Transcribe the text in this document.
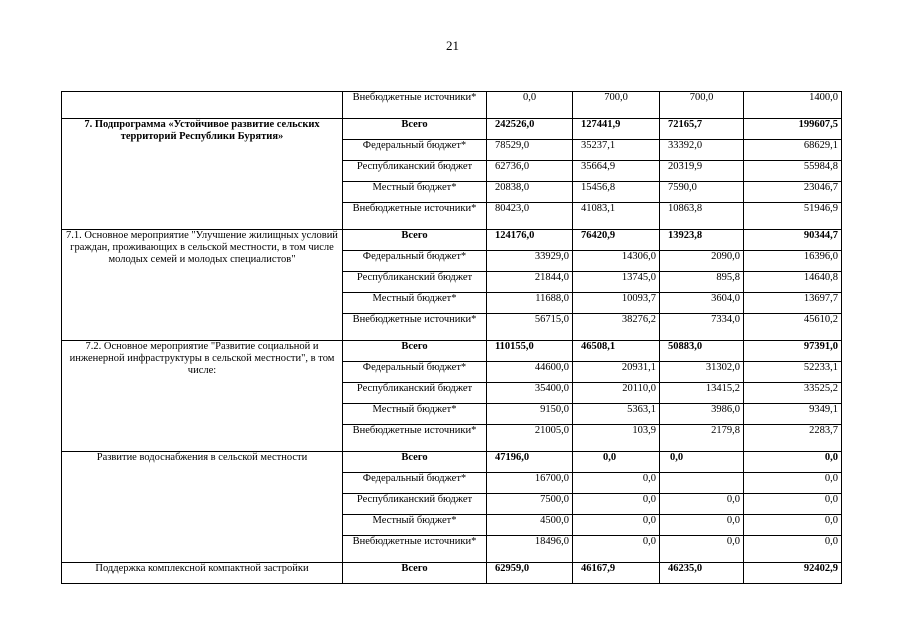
21
	Внебюджетные источники*	0,0	700,0	700,0	1400,0
7. Подпрограмма «Устойчивое развитие сельских территорий Республики Бурятия»	Всего	242526,0	127441,9	72165,7	199607,5
	Федеральный бюджет*	78529,0	35237,1	33392,0	68629,1
	Республиканский бюджет	62736,0	35664,9	20319,9	55984,8
	Местный бюджет*	20838,0	15456,8	7590,0	23046,7
	Внебюджетные источники*	80423,0	41083,1	10863,8	51946,9
7.1. Основное мероприятие "Улучшение жилищных условий граждан, проживающих в сельской местности, в том числе молодых семей и молодых специалистов"	Всего	124176,0	76420,9	13923,8	90344,7
	Федеральный бюджет*	33929,0	14306,0	2090,0	16396,0
	Республиканский бюджет	21844,0	13745,0	895,8	14640,8
	Местный бюджет*	11688,0	10093,7	3604,0	13697,7
	Внебюджетные источники*	56715,0	38276,2	7334,0	45610,2
7.2. Основное мероприятие "Развитие социальной и инженерной инфраструктуры в сельской местности", в том числе:	Всего	110155,0	46508,1	50883,0	97391,0
	Федеральный бюджет*	44600,0	20931,1	31302,0	52233,1
	Республиканский бюджет	35400,0	20110,0	13415,2	33525,2
	Местный бюджет*	9150,0	5363,1	3986,0	9349,1
	Внебюджетные источники*	21005,0	103,9	2179,8	2283,7
Развитие водоснабжения в сельской местности	Всего	47196,0	0,0	0,0	0,0
	Федеральный бюджет*	16700,0	0,0		0,0
	Республиканский бюджет	7500,0	0,0	0,0	0,0
	Местный бюджет*	4500,0	0,0	0,0	0,0
	Внебюджетные источники*	18496,0	0,0	0,0	0,0
Поддержка комплексной компактной застройки	Всего	62959,0	46167,9	46235,0	92402,9
